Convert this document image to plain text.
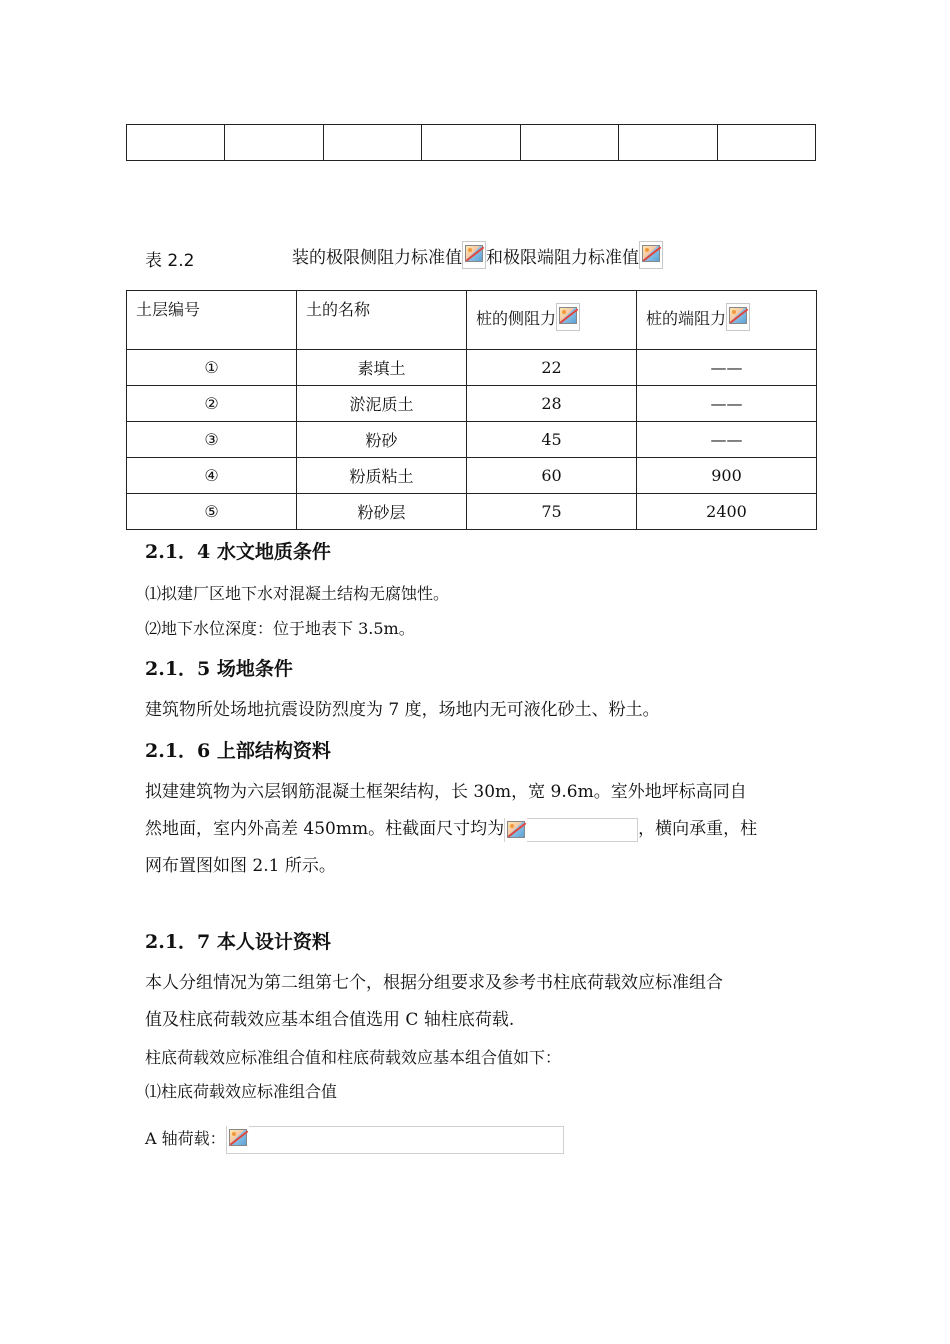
表 2.2	装的极限侧阻力标准值 和极限端阻力标准值
土层编号	土的名称	桩的侧阻力	桩的端阻力

①	素填土	22	——
②	淤泥质土	28	——
③	粉砂	45	——
④	粉质粘土	60	900
⑤	粉砂层	75	2400
2.1．4 水文地质条件
⑴拟建厂区地下水对混凝土结构无腐蚀性。
⑵地下水位深度：位于地表下 3.5m。
2.1．5 场地条件
建筑物所处场地抗震设防烈度为 7 度，场地内无可液化砂土、粉土。
2.1．6 上部结构资料
拟建建筑物为六层钢筋混凝土框架结构，长 30m，宽 9.6m。室外地坪标高同自
然地面，室内外高差 450mm。柱截面尺寸均为	，横向承重，柱
网布置图如图 2.1 所示。
2.1．7 本人设计资料
本人分组情况为第二组第七个，根据分组要求及参考书柱底荷载效应标准组合
值及柱底荷载效应基本组合值选用 C 轴柱底荷载.
柱底荷载效应标准组合值和柱底荷载效应基本组合值如下：
⑴柱底荷载效应标准组合值
A 轴荷载：
